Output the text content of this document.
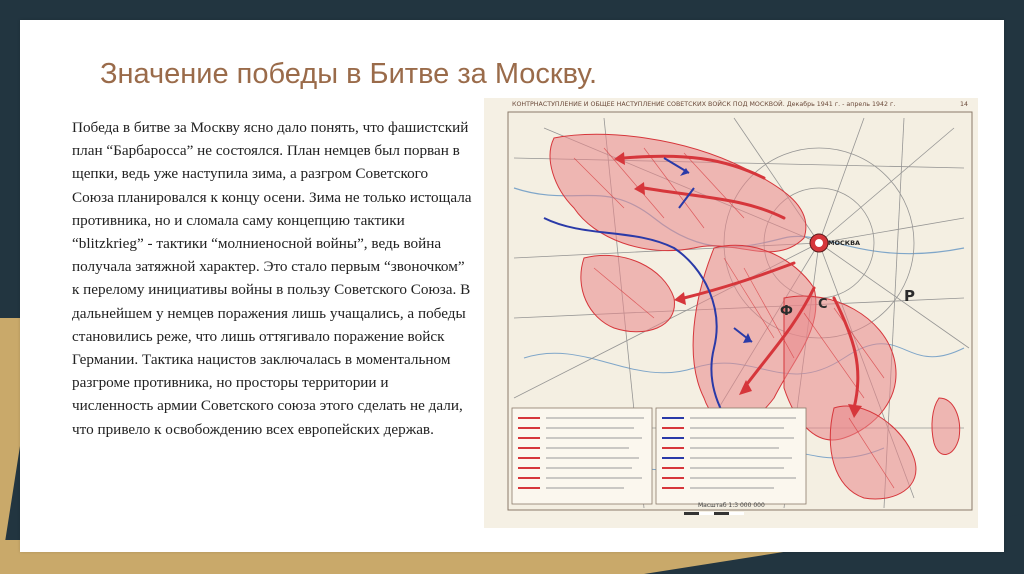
Значение победы в Битве за Москву.

Победа в битве за Москву ясно дало понять, что фашистский план “Барбаросса” не состоялся. План немцев был порван в щепки, ведь уже наступила зима, а разгром Советского Союза планировался к концу осени. Зима не только истощала противника, но и сломала саму концепцию тактики “blitzkrieg” - тактики “молниеносной войны”, ведь война получала затяжной характер. Это стало первым “звоночком” к перелому инициативы войны в пользу Советского Союза. В дальнейшем у немцев поражения лишь учащались, а победы становились реже, что лишь оттягивало поражение войск Германии. Тактика нацистов заключалась в моментальном разгроме противника, но просторы территории и численность армии Советского союза этого сделать не дали, что привело к освобождению всех европейских держав.

КОНТРНАСТУПЛЕНИЕ И ОБЩЕЕ НАСТУПЛЕНИЕ СОВЕТСКИХ ВОЙСК ПОД МОСКВОЙ. Декабрь 1941 г. - апрель 1942 г.	14
МОСКВА
Р
С
Ф
Масштаб 1:3 000 000
